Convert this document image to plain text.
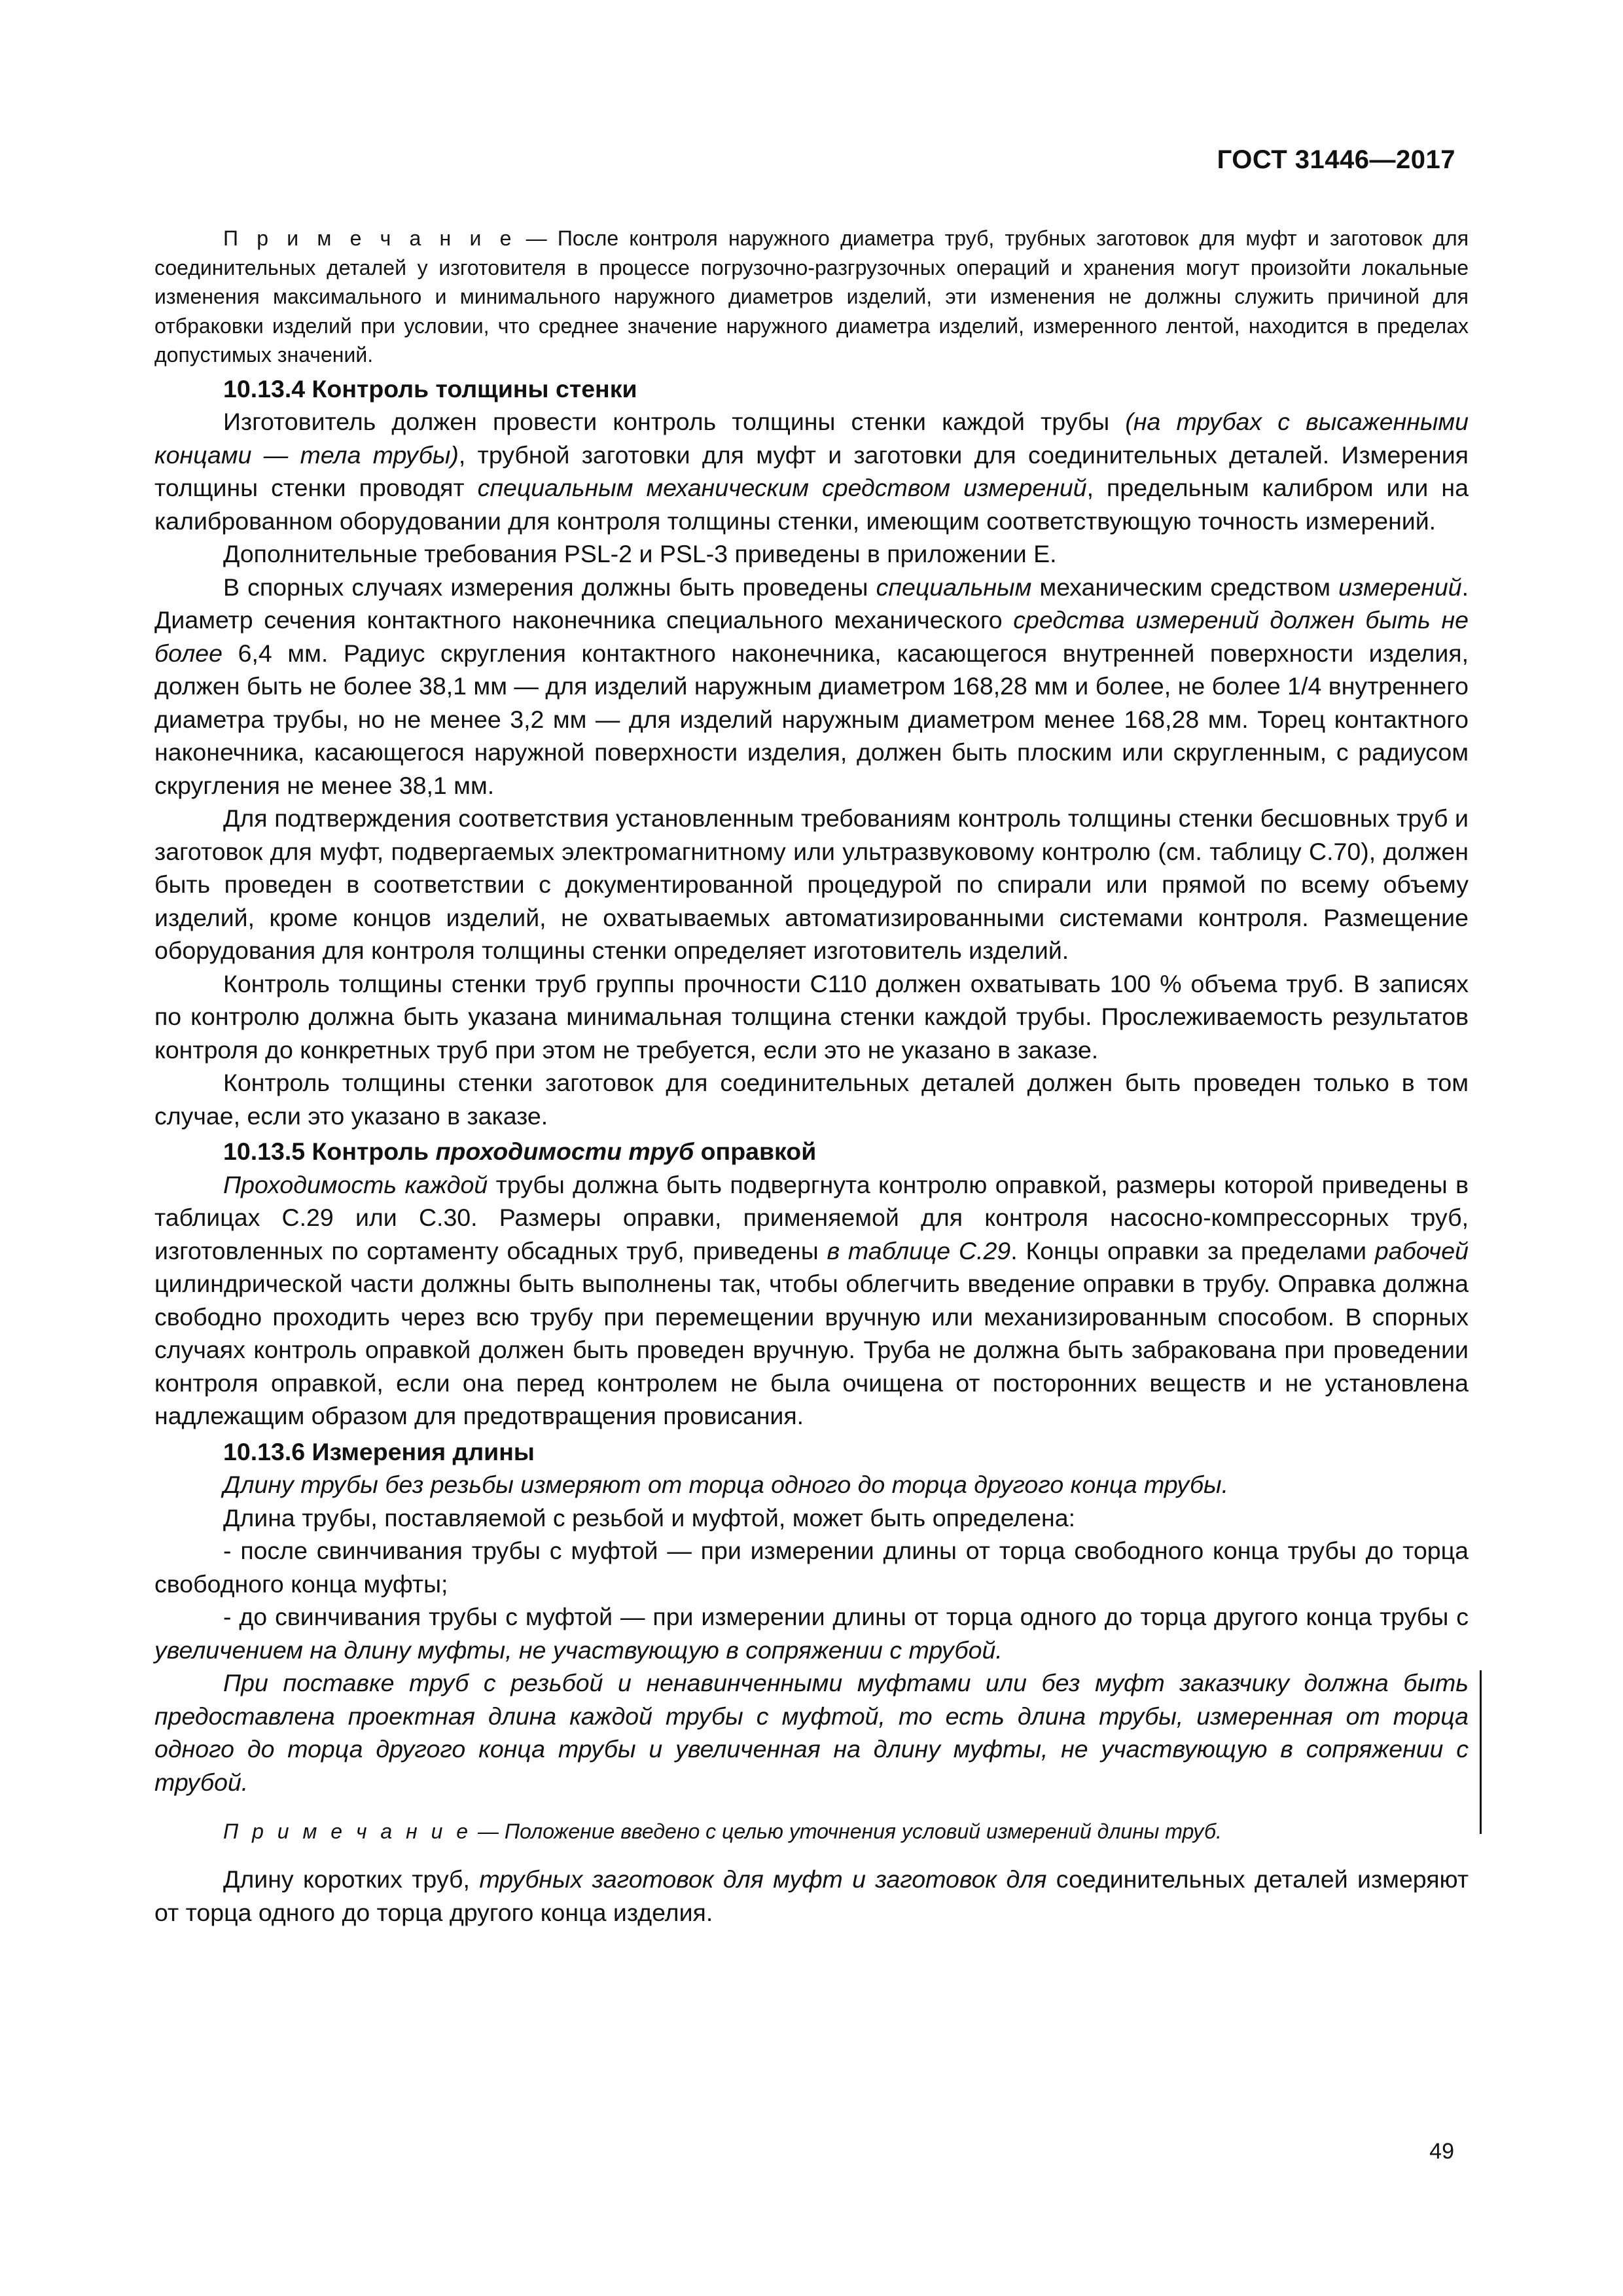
ГОСТ 31446—2017

П р и м е ч а н и е — После контроля наружного диаметра труб, трубных заготовок для муфт и заготовок для соединительных деталей у изготовителя в процессе погрузочно-разгрузочных операций и хранения могут произойти локальные изменения максимального и минимального наружного диаметров изделий, эти изменения не должны служить причиной для отбраковки изделий при условии, что среднее значение наружного диаметра изделий, измеренного лентой, находится в пределах допустимых значений.

10.13.4 Контроль толщины стенки

Изготовитель должен провести контроль толщины стенки каждой трубы (на трубах с высаженными концами — тела трубы), трубной заготовки для муфт и заготовки для соединительных деталей. Измерения толщины стенки проводят специальным механическим средством измерений, предельным калибром или на калиброванном оборудовании для контроля толщины стенки, имеющим соответствующую точность измерений.

Дополнительные требования PSL-2 и PSL-3 приведены в приложении Е.

В спорных случаях измерения должны быть проведены специальным механическим средством измерений. Диаметр сечения контактного наконечника специального механического средства измерений должен быть не более 6,4 мм. Радиус скругления контактного наконечника, касающегося внутренней поверхности изделия, должен быть не более 38,1 мм — для изделий наружным диаметром 168,28 мм и более, не более 1/4 внутреннего диаметра трубы, но не менее 3,2 мм — для изделий наружным диаметром менее 168,28 мм. Торец контактного наконечника, касающегося наружной поверхности изделия, должен быть плоским или скругленным, с радиусом скругления не менее 38,1 мм.

Для подтверждения соответствия установленным требованиям контроль толщины стенки бесшовных труб и заготовок для муфт, подвергаемых электромагнитному или ультразвуковому контролю (см. таблицу С.70), должен быть проведен в соответствии с документированной процедурой по спирали или прямой по всему объему изделий, кроме концов изделий, не охватываемых автоматизированными системами контроля. Размещение оборудования для контроля толщины стенки определяет изготовитель изделий.

Контроль толщины стенки труб группы прочности С110 должен охватывать 100 % объема труб. В записях по контролю должна быть указана минимальная толщина стенки каждой трубы. Прослеживаемость результатов контроля до конкретных труб при этом не требуется, если это не указано в заказе.

Контроль толщины стенки заготовок для соединительных деталей должен быть проведен только в том случае, если это указано в заказе.

10.13.5 Контроль проходимости труб оправкой

Проходимость каждой трубы должна быть подвергнута контролю оправкой, размеры которой приведены в таблицах С.29 или С.30. Размеры оправки, применяемой для контроля насосно-компрессорных труб, изготовленных по сортаменту обсадных труб, приведены в таблице С.29. Концы оправки за пределами рабочей цилиндрической части должны быть выполнены так, чтобы облегчить введение оправки в трубу. Оправка должна свободно проходить через всю трубу при перемещении вручную или механизированным способом. В спорных случаях контроль оправкой должен быть проведен вручную. Труба не должна быть забракована при проведении контроля оправкой, если она перед контролем не была очищена от посторонних веществ и не установлена надлежащим образом для предотвращения провисания.

10.13.6 Измерения длины

Длину трубы без резьбы измеряют от торца одного до торца другого конца трубы.

Длина трубы, поставляемой с резьбой и муфтой, может быть определена:

- после свинчивания трубы с муфтой — при измерении длины от торца свободного конца трубы до торца свободного конца муфты;

- до свинчивания трубы с муфтой — при измерении длины от торца одного до торца другого конца трубы с увеличением на длину муфты, не участвующую в сопряжении с трубой.

При поставке труб с резьбой и ненавинченными муфтами или без муфт заказчику должна быть предоставлена проектная длина каждой трубы с муфтой, то есть длина трубы, измеренная от торца одного до торца другого конца трубы и увеличенная на длину муфты, не участвующую в сопряжении с трубой.

П р и м е ч а н и е — Положение введено с целью уточнения условий измерений длины труб.

Длину коротких труб, трубных заготовок для муфт и заготовок для соединительных деталей измеряют от торца одного до торца другого конца изделия.

49
